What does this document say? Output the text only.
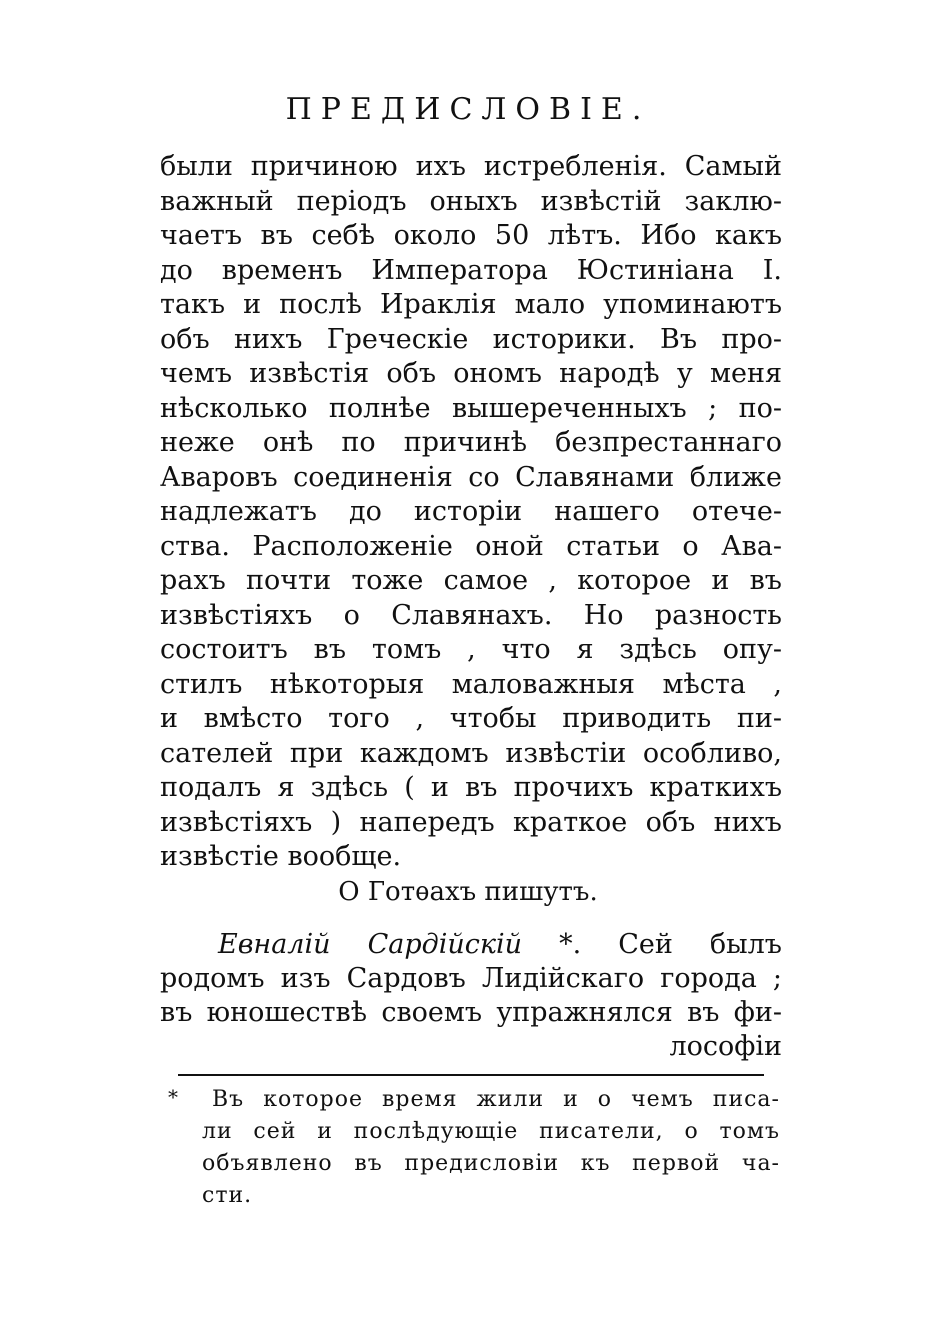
ПРЕДИСЛОВIЕ.
были причиною ихъ истребленiя. Самый
важный перiодъ оныхъ извѣстiй заклю-
чаетъ въ себѣ около 50 лѣтъ. Ибо какъ
до временъ Императора Юстинiана I.
такъ и послѣ Ираклiя мало упоминаютъ
объ нихъ Греческiе историки. Въ про-
чемъ извѣстiя объ ономъ народѣ у меня
нѣсколько полнѣе вышереченныхъ ; по-
неже онѣ по причинѣ безпрестаннаго
Аваровъ соединенiя со Славянами ближе
надлежатъ до исторiи нашего отече-
ства. Расположенiе оной статьи о Ава-
рахъ почти тоже самое , которое и въ
извѣстiяхъ о Славянахъ. Но разность
состоитъ въ томъ , что я здѣсь опу-
стилъ нѣкоторыя маловажныя мѣста ,
и вмѣсто того , чтобы приводить пи-
сателей при каждомъ извѣстiи особливо,
подалъ я здѣсь ( и въ прочихъ краткихъ
извѣстiяхъ ) напередъ краткое объ нихъ
извѣстiе вообще.
О Готѳахъ пишутъ.
Евналiй Сардiйскiй *. Сей былъ
родомъ изъ Сардовъ Лидiйскаго города ;
въ юношествѣ своемъ упражнялся въ фи-
лософiи
*	Въ которое время жили и о чемъ писа-
ли сей и послѣдующiе писатели, о томъ
объявлено въ предисловiи къ первой ча-
сти.
